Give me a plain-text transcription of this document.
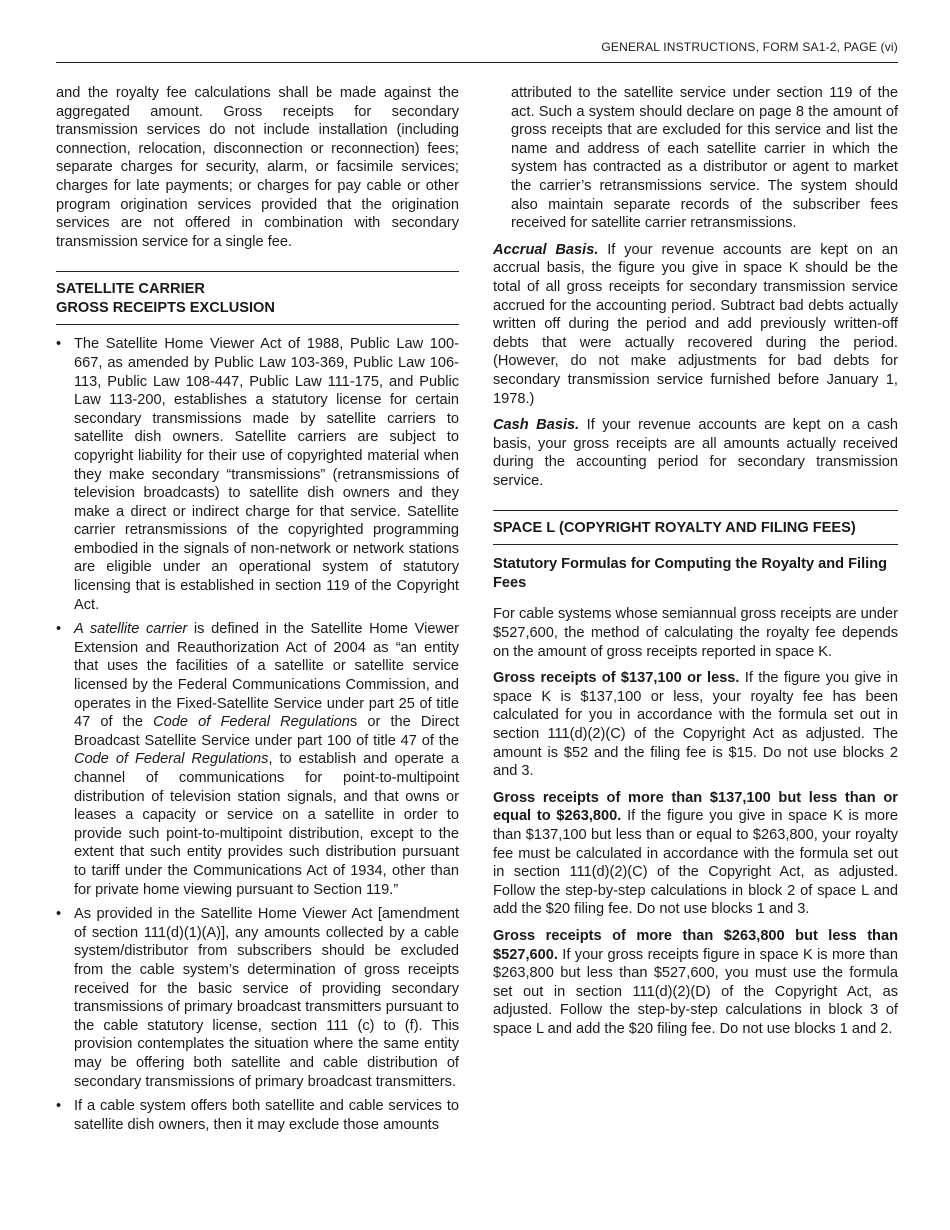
GENERAL INSTRUCTIONS, FORM SA1-2, PAGE (vi)

and the royalty fee calculations shall be made against the aggregated amount. Gross receipts for secondary transmission services do not include installation (including connection, relocation, disconnection or reconnection) fees; separate charges for security, alarm, or facsimile services; charges for late payments; or charges for pay cable or other program origination services provided that the origination services are not offered in combination with secondary transmission service for a single fee.

SATELLITE CARRIER
GROSS RECEIPTS EXCLUSION
• The Satellite Home Viewer Act of 1988, Public Law 100-667, as amended by Public Law 103-369, Public Law 106-113, Public Law 108-447, Public Law 111-175, and Public Law 113-200, establishes a statutory license for certain secondary transmissions made by satellite carriers to satellite dish owners. Satellite carriers are subject to copyright liability for their use of copyrighted material when they make secondary “transmissions” (retransmissions of television broadcasts) to satellite dish owners and they make a direct or indirect charge for that service. Satellite carrier retransmissions of the copyrighted programming embodied in the signals of non-network or network stations are eligible under an operational system of statutory licensing that is established in section 119 of the Copyright Act.
• A satellite carrier is defined in the Satellite Home Viewer Extension and Reauthorization Act of 2004 as “an entity that uses the facilities of a satellite or satellite service licensed by the Federal Communications Commission, and operates in the Fixed-Satellite Service under part 25 of title 47 of the Code of Federal Regulations or the Direct Broadcast Satellite Service under part 100 of title 47 of the Code of Federal Regulations, to establish and operate a channel of communications for point-to-multipoint distribution of television station signals, and that owns or leases a capacity or service on a satellite in order to provide such point-to-multipoint distribution, except to the extent that such entity provides such distribution pursuant to tariff under the Communications Act of 1934, other than for private home viewing pursuant to Section 119.”
• As provided in the Satellite Home Viewer Act [amendment of section 111(d)(1)(A)], any amounts collected by a cable system/distributor from subscribers should be excluded from the cable system’s determination of gross receipts received for the basic service of providing secondary transmissions of primary broadcast transmitters pursuant to the cable statutory license, section 111 (c) to (f). This provision contemplates the situation where the same entity may be offering both satellite and cable distribution of secondary transmissions of primary broadcast transmitters.
• If a cable system offers both satellite and cable services to satellite dish owners, then it may exclude those amounts

attributed to the satellite service under section 119 of the act. Such a system should declare on page 8 the amount of gross receipts that are excluded for this service and list the name and address of each satellite carrier in which the system has contracted as a distributor or agent to market the carrier’s retransmissions service. The system should also maintain separate records of the subscriber fees received for satellite carrier retransmissions.

Accrual Basis. If your revenue accounts are kept on an accrual basis, the figure you give in space K should be the total of all gross receipts for secondary transmission service accrued for the accounting period. Subtract bad debts actually written off during the period and add previously written-off debts that were actually recovered during the period. (However, do not make adjustments for bad debts for secondary transmission service furnished before January 1, 1978.)

Cash Basis. If your revenue accounts are kept on a cash basis, your gross receipts are all amounts actually received during the accounting period for secondary transmission service.

SPACE L (COPYRIGHT ROYALTY AND FILING FEES)
Statutory Formulas for Computing the Royalty and Filing Fees

For cable systems whose semiannual gross receipts are under $527,600, the method of calculating the royalty fee depends on the amount of gross receipts reported in space K.

Gross receipts of $137,100 or less. If the figure you give in space K is $137,100 or less, your royalty fee has been calculated for you in accordance with the formula set out in section 111(d)(2)(C) of the Copyright Act as adjusted. The amount is $52 and the filing fee is $15. Do not use blocks 2 and 3.

Gross receipts of more than $137,100 but less than or equal to $263,800. If the figure you give in space K is more than $137,100 but less than or equal to $263,800, your royalty fee must be calculated in accordance with the formula set out in section 111(d)(2)(C) of the Copyright Act, as adjusted. Follow the step-by-step calculations in block 2 of space L and add the $20 filing fee. Do not use blocks 1 and 3.

Gross receipts of more than $263,800 but less than $527,600. If your gross receipts figure in space K is more than $263,800 but less than $527,600, you must use the formula set out in section 111(d)(2)(D) of the Copyright Act, as adjusted. Follow the step-by-step calculations in block 3 of space L and add the $20 filing fee. Do not use blocks 1 and 2.
